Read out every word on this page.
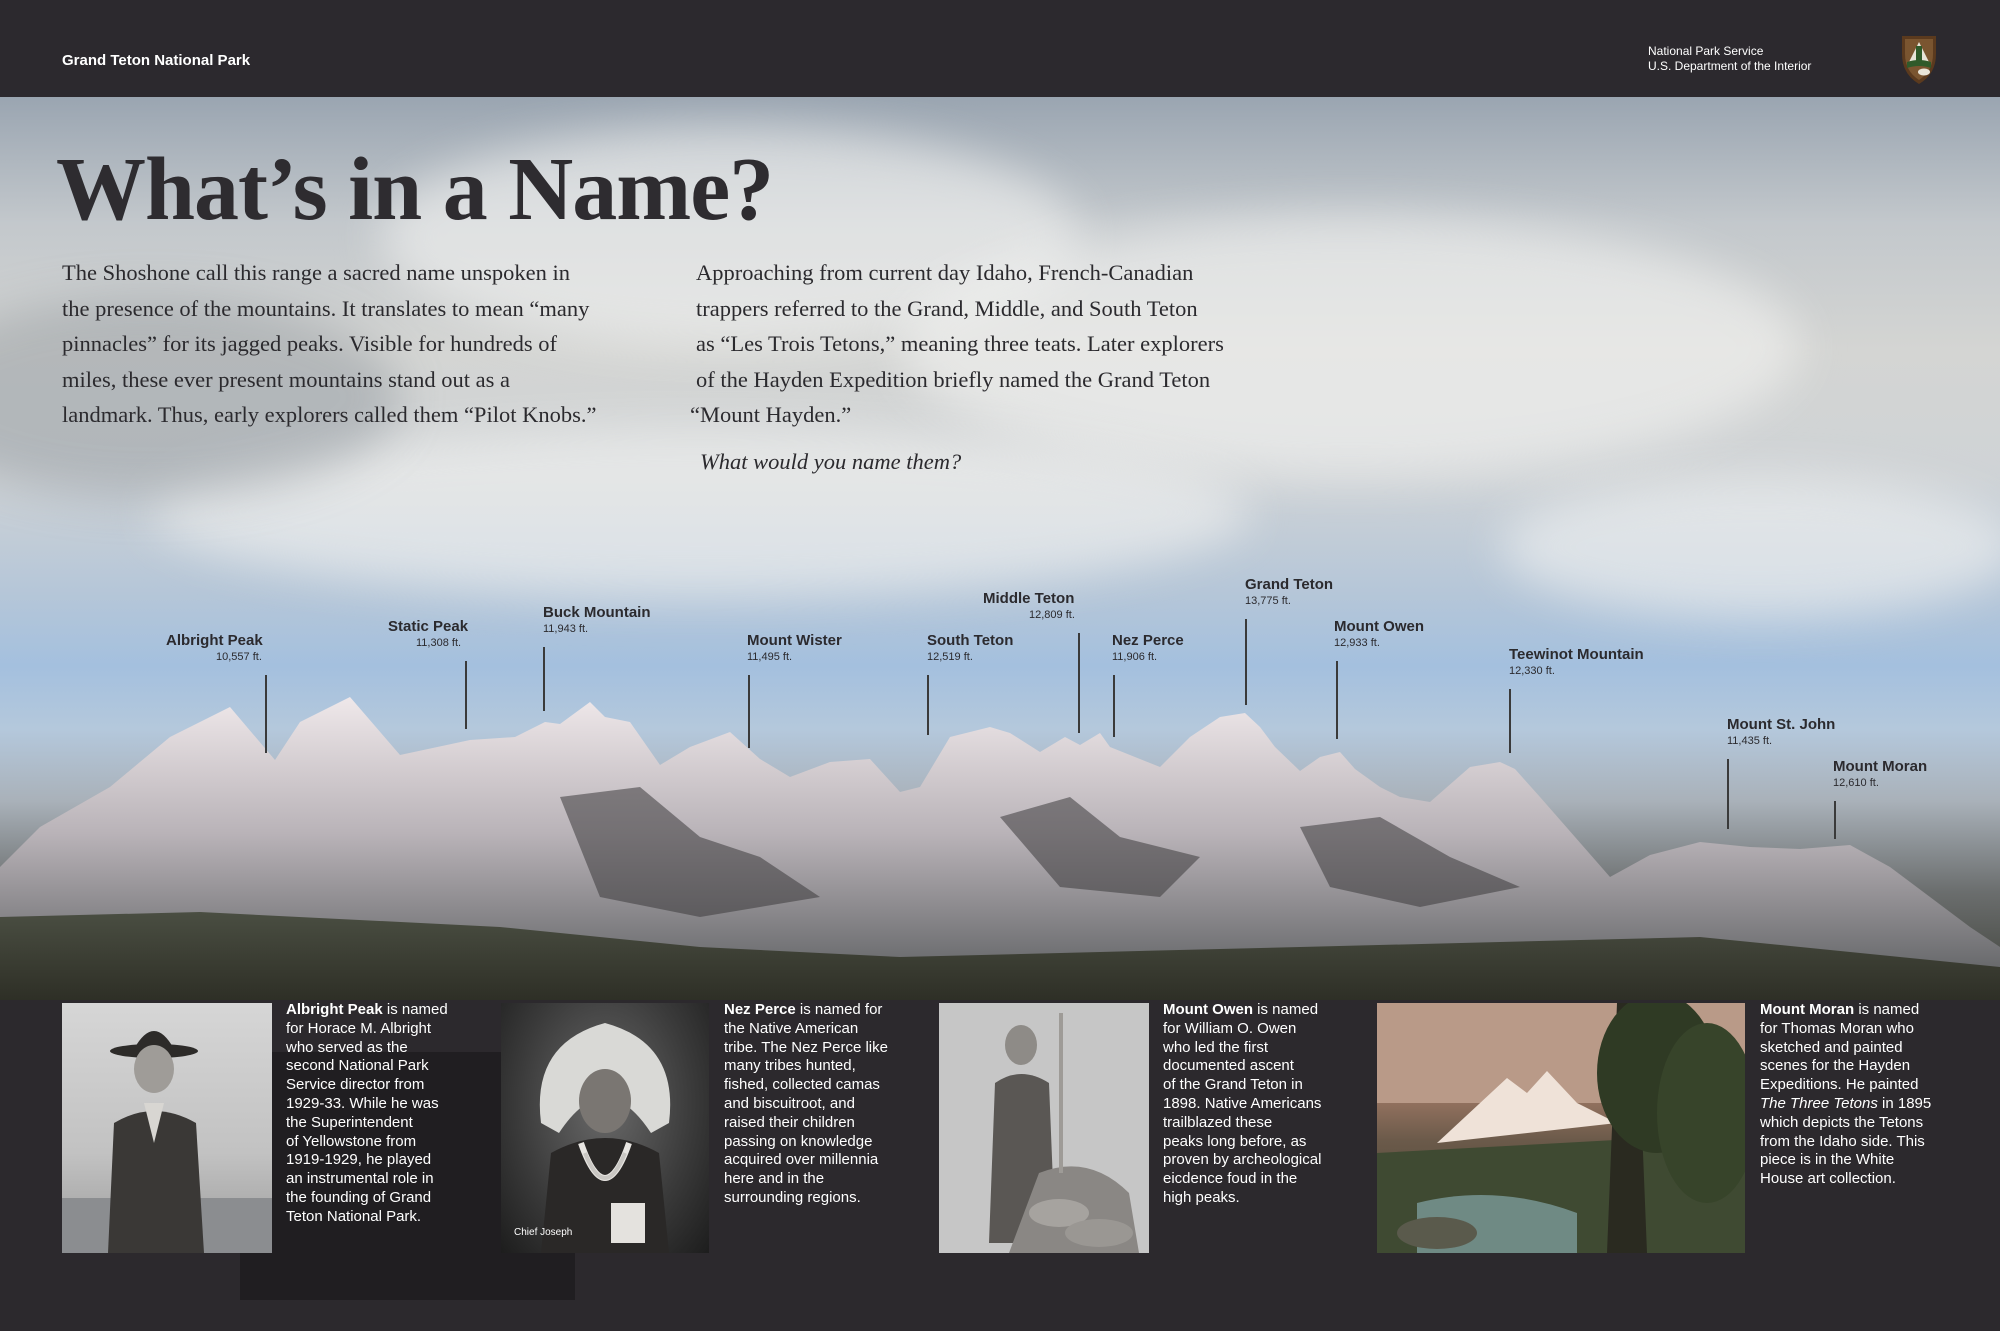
Grand Teton National Park
National Park Service
U.S. Department of the Interior
What’s in a Name?
The Shoshone call this range a sacred name unspoken in
the presence of the mountains. It translates to mean “many
pinnacles” for its jagged peaks. Visible for hundreds of
miles, these ever present mountains stand out as a
landmark. Thus, early explorers called them “Pilot Knobs.”
Approaching from current day Idaho, French-Canadian
trappers referred to the Grand, Middle, and South Teton
as “Les Trois Tetons,” meaning three teats. Later explorers
of the Hayden Expedition briefly named the Grand Teton
“Mount Hayden.”
What would you name them?
Albright Peak
10,557 ft.
Static Peak
11,308 ft.
Buck Mountain
11,943 ft.
Mount Wister
11,495 ft.
South Teton
12,519 ft.
Middle Teton
12,809 ft.
Nez Perce
11,906 ft.
Grand Teton
13,775 ft.
Mount Owen
12,933 ft.
Teewinot Mountain
12,330 ft.
Mount St. John
11,435 ft.
Mount Moran
12,610 ft.
Albright Peak is named
for Horace M. Albright
who served as the
second National Park
Service director from
1929-33. While he was
the Superintendent
of Yellowstone from
1919-1929, he played
an instrumental role in
the founding of Grand
Teton National Park.
Chief Joseph
Nez Perce is named for
the Native American
tribe. The Nez Perce like
many tribes hunted,
fished, collected camas
and biscuitroot, and
raised their children
passing on knowledge
acquired over millennia
here and in the
surrounding regions.
Mount Owen is named
for William O. Owen
who led the first
documented ascent
of the Grand Teton in
1898. Native Americans
trailblazed these
peaks long before, as
proven by archeological
eicdence foud in the
high peaks.
Mount Moran is named
for Thomas Moran who
sketched and painted
scenes for the Hayden
Expeditions. He painted
The Three Tetons in 1895
which depicts the Tetons
from the Idaho side. This
piece is in the White
House art collection.
